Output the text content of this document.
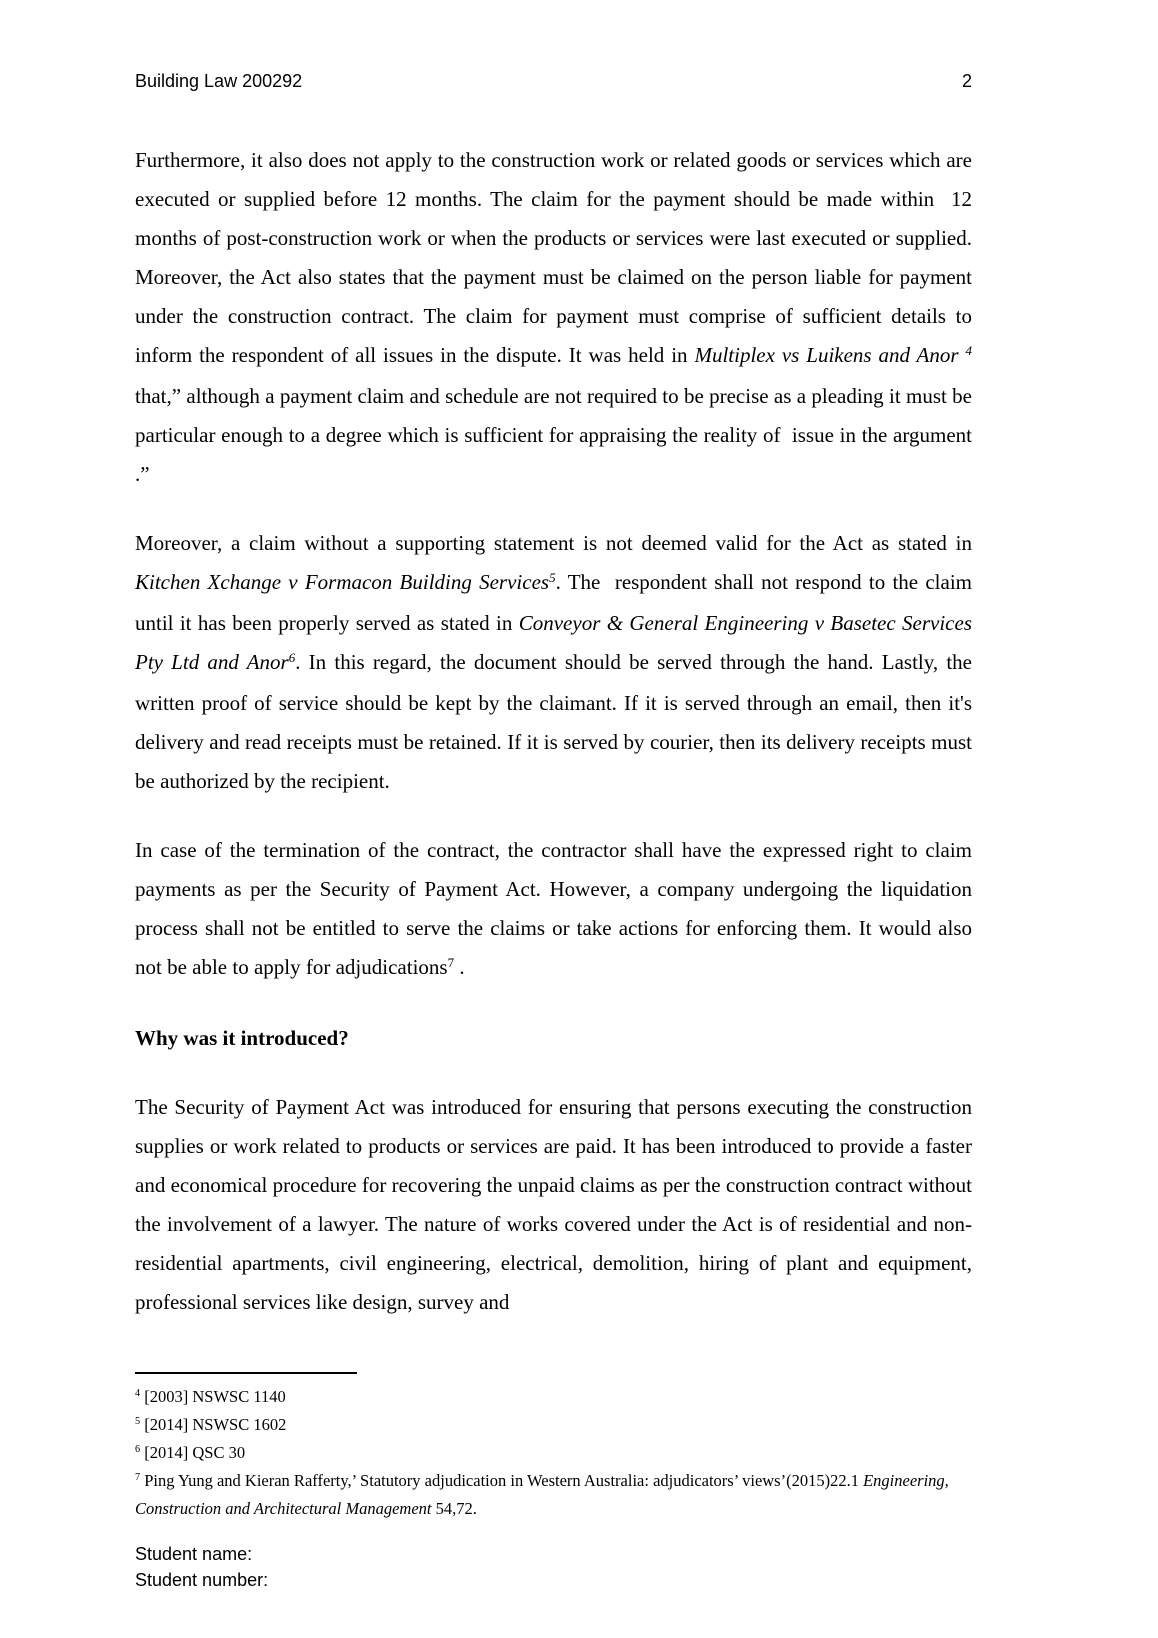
Building Law 200292	2

Furthermore, it also does not apply to the construction work or related goods or services which are executed or supplied before 12 months. The claim for the payment should be made within  12 months of post-construction work or when the products or services were last executed or supplied. Moreover, the Act also states that the payment must be claimed on the person liable for payment under the construction contract. The claim for payment must comprise of sufficient details to inform the respondent of all issues in the dispute. It was held in Multiplex vs Luikens and Anor $^4$ that,” although a payment claim and schedule are not required to be precise as a pleading it must be particular enough to a degree which is sufficient for appraising the reality of  issue in the argument .”

Moreover, a claim without a supporting statement is not deemed valid for the Act as stated in Kitchen Xchange v Formacon Building Services$^5$. The  respondent shall not respond to the claim until it has been properly served as stated in Conveyor & General Engineering v Basetec Services Pty Ltd and Anor$^6$. In this regard, the document should be served through the hand. Lastly, the written proof of service should be kept by the claimant. If it is served through an email, then it's delivery and read receipts must be retained. If it is served by courier, then its delivery receipts must be authorized by the recipient.

In case of the termination of the contract, the contractor shall have the expressed right to claim payments as per the Security of Payment Act. However, a company undergoing the liquidation process shall not be entitled to serve the claims or take actions for enforcing them. It would also not be able to apply for adjudications$^7$ .

Why was it introduced?

The Security of Payment Act was introduced for ensuring that persons executing the construction supplies or work related to products or services are paid. It has been introduced to provide a faster and economical procedure for recovering the unpaid claims as per the construction contract without the involvement of a lawyer. The nature of works covered under the Act is of residential and non-residential apartments, civil engineering, electrical, demolition, hiring of plant and equipment, professional services like design, survey and

$^4$ [2003] NSWSC 1140
$^5$ [2014] NSWSC 1602
$^6$ [2014] QSC 30
$^7$ Ping Yung and Kieran Rafferty,’ Statutory adjudication in Western Australia: adjudicators’ views’(2015)22.1 Engineering, Construction and Architectural Management 54,72.
Student name:
Student number:
